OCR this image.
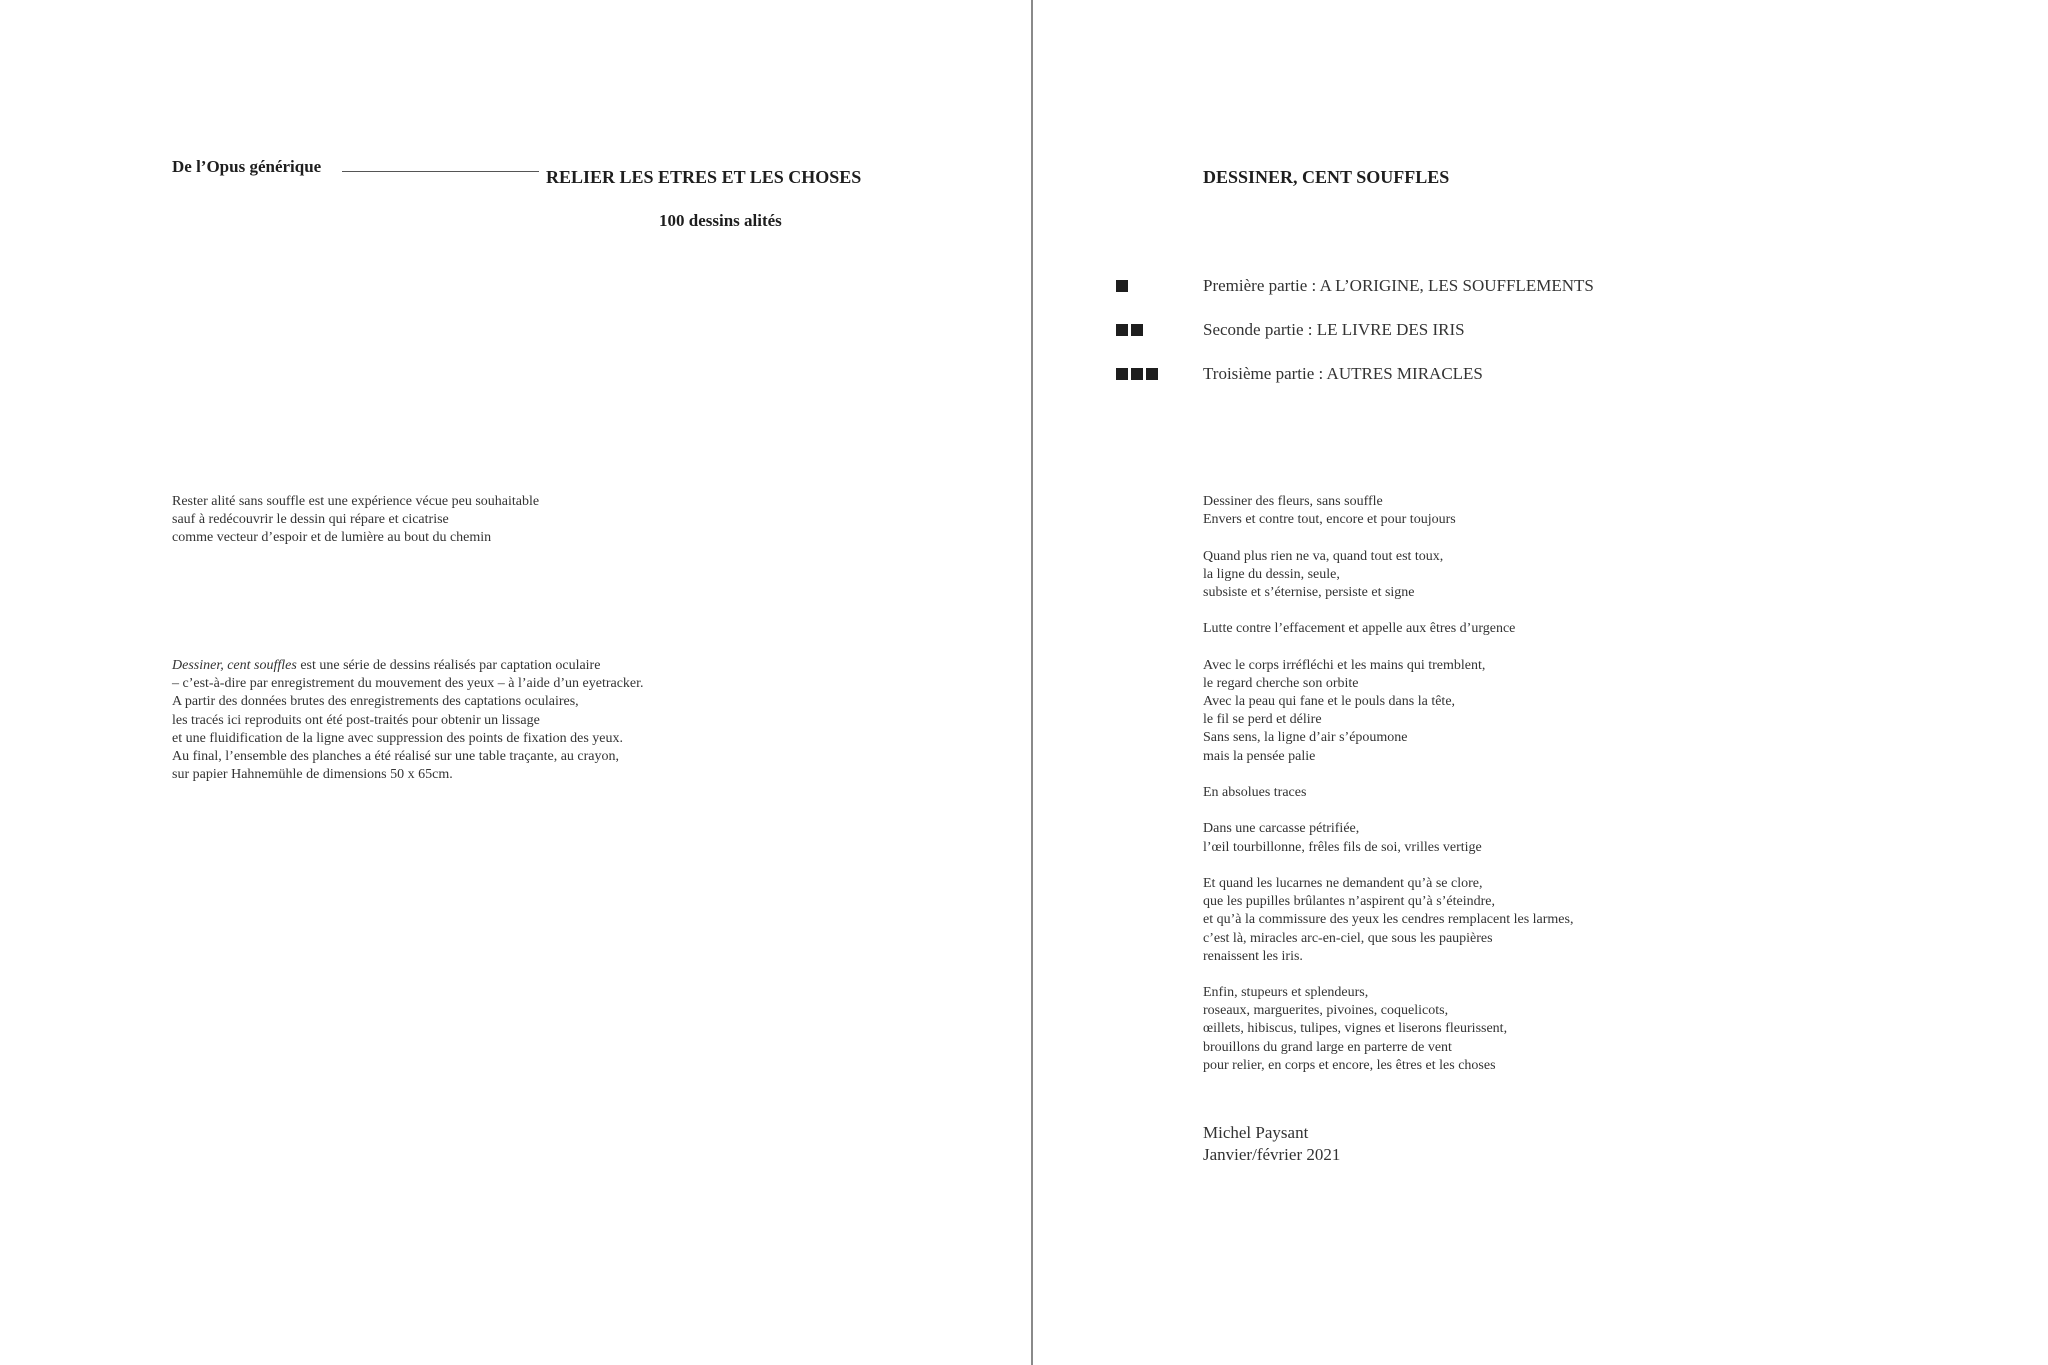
De l’Opus générique
RELIER LES ETRES ET LES CHOSES
100 dessins alités
Rester alité sans souffle est une expérience vécue peu souhaitable
sauf à redécouvrir le dessin qui répare et cicatrise
comme vecteur d’espoir et de lumière au bout du chemin
Dessiner, cent souffles est une série de dessins réalisés par captation oculaire
– c’est-à-dire par enregistrement du mouvement des yeux – à l’aide d’un eyetracker.
A partir des données brutes des enregistrements des captations oculaires,
les tracés ici reproduits ont été post-traités pour obtenir un lissage
et une fluidification de la ligne avec suppression des points de fixation des yeux.
Au final, l’ensemble des planches a été réalisé sur une table traçante, au crayon,
sur papier Hahnemühle de dimensions 50 x 65cm.
DESSINER, CENT SOUFFLES
Première partie : A L’ORIGINE, LES SOUFFLEMENTS
Seconde partie : LE LIVRE DES IRIS
Troisième partie : AUTRES MIRACLES
Dessiner des fleurs, sans souffle
Envers et contre tout, encore et pour toujours
Quand plus rien ne va, quand tout est toux,
la ligne du dessin, seule,
subsiste et s’éternise, persiste et signe
Lutte contre l’effacement et appelle aux êtres d’urgence
Avec le corps irréfléchi et les mains qui tremblent,
le regard cherche son orbite
Avec la peau qui fane et le pouls dans la tête,
le fil se perd et délire
Sans sens, la ligne d’air s’époumone
mais la pensée palie
En absolues traces
Dans une carcasse pétrifiée,
l’œil tourbillonne, frêles fils de soi, vrilles vertige
Et quand les lucarnes ne demandent qu’à se clore,
que les pupilles brûlantes n’aspirent qu’à s’éteindre,
et qu’à la commissure des yeux les cendres remplacent les larmes,
c’est là, miracles arc-en-ciel, que sous les paupières
renaissent les iris.
Enfin, stupeurs et splendeurs,
roseaux, marguerites, pivoines, coquelicots,
œillets, hibiscus, tulipes, vignes et liserons fleurissent,
brouillons du grand large en parterre de vent
pour relier, en corps et encore, les êtres et les choses
Michel Paysant
Janvier/février 2021
